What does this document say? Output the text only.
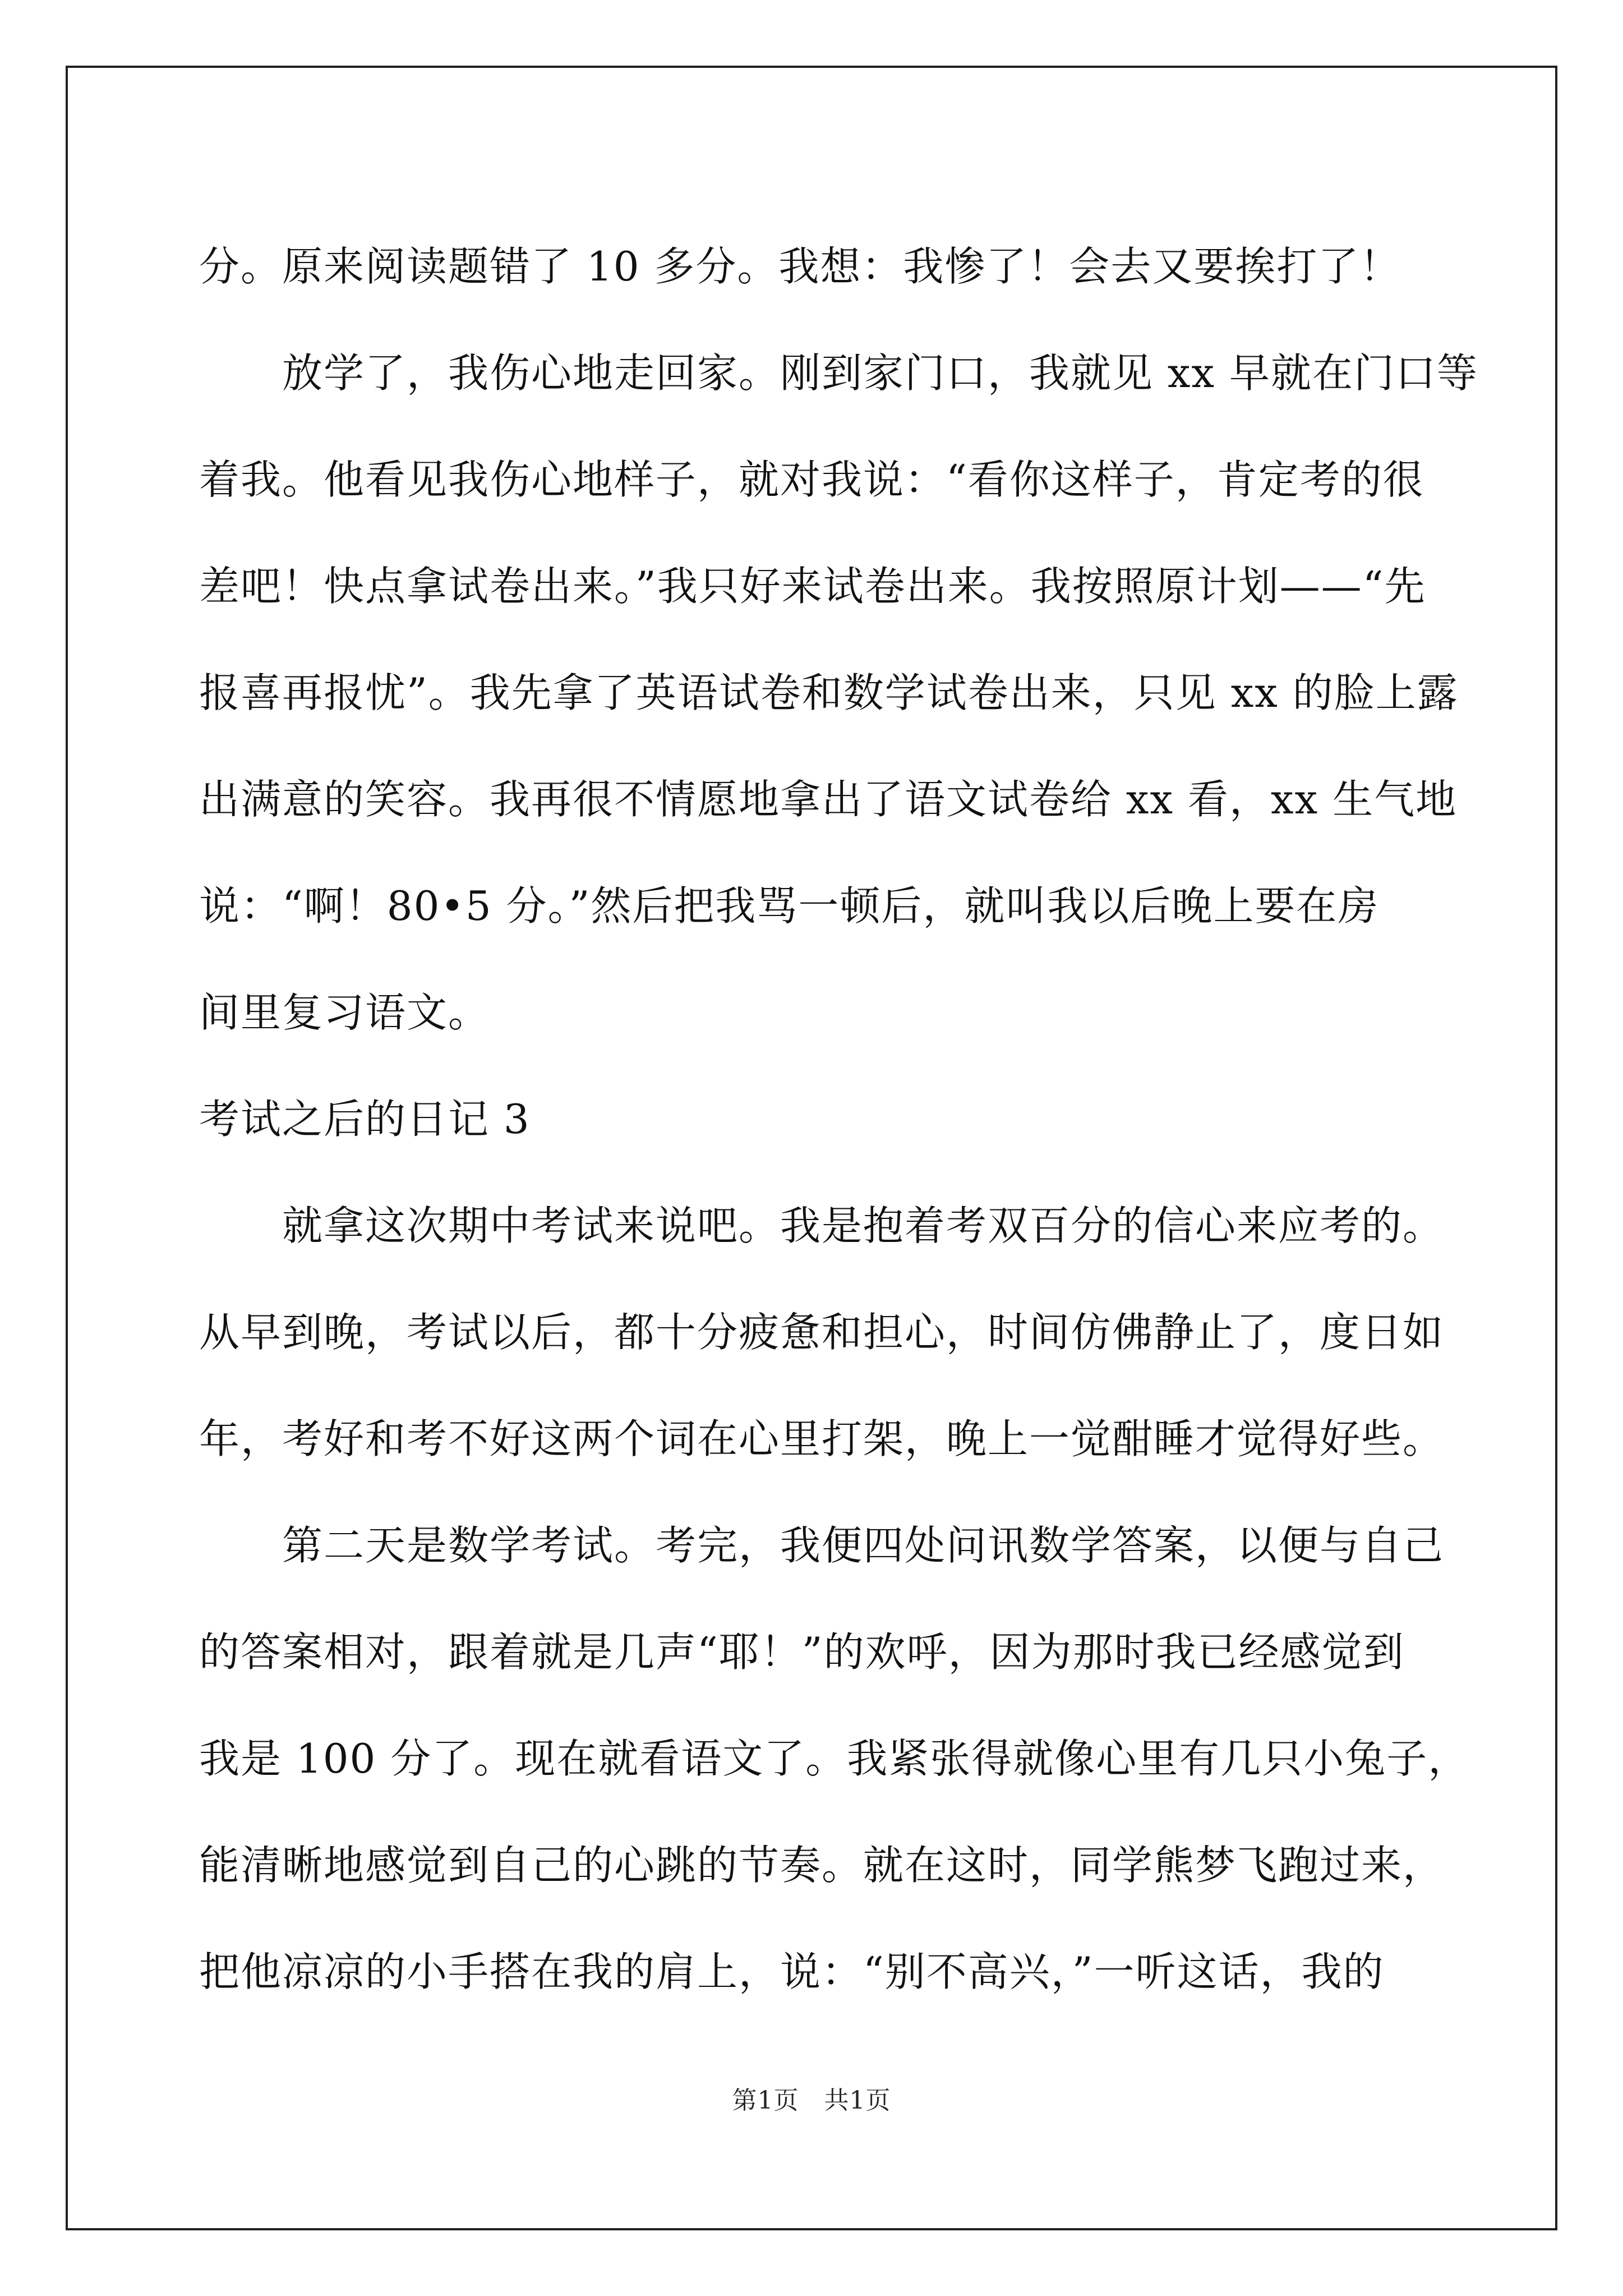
分。原来阅读题错了 10 多分。我想：我惨了！会去又要挨打了！
放学了，我伤心地走回家。刚到家门口，我就见 xx 早就在门口等
着我。他看见我伤心地样子，就对我说：“看你这样子，肯定考的很
差吧！快点拿试卷出来。”我只好来试卷出来。我按照原计划——“先
报喜再报忧”。我先拿了英语试卷和数学试卷出来，只见 xx 的脸上露
出满意的笑容。我再很不情愿地拿出了语文试卷给 xx 看，xx 生气地
说：“啊！80•5 分。”然后把我骂一顿后，就叫我以后晚上要在房
间里复习语文。
考试之后的日记 3
就拿这次期中考试来说吧。我是抱着考双百分的信心来应考的。
从早到晚，考试以后，都十分疲惫和担心，时间仿佛静止了，度日如
年，考好和考不好这两个词在心里打架，晚上一觉酣睡才觉得好些。
第二天是数学考试。考完，我便四处问讯数学答案，以便与自己
的答案相对，跟着就是几声“耶！”的欢呼，因为那时我已经感觉到
我是 100 分了。现在就看语文了。我紧张得就像心里有几只小兔子，
能清晰地感觉到自己的心跳的节奏。就在这时，同学熊梦飞跑过来，
把他凉凉的小手搭在我的肩上，说：“别不高兴，”一听这话，我的
第1页　共1页
